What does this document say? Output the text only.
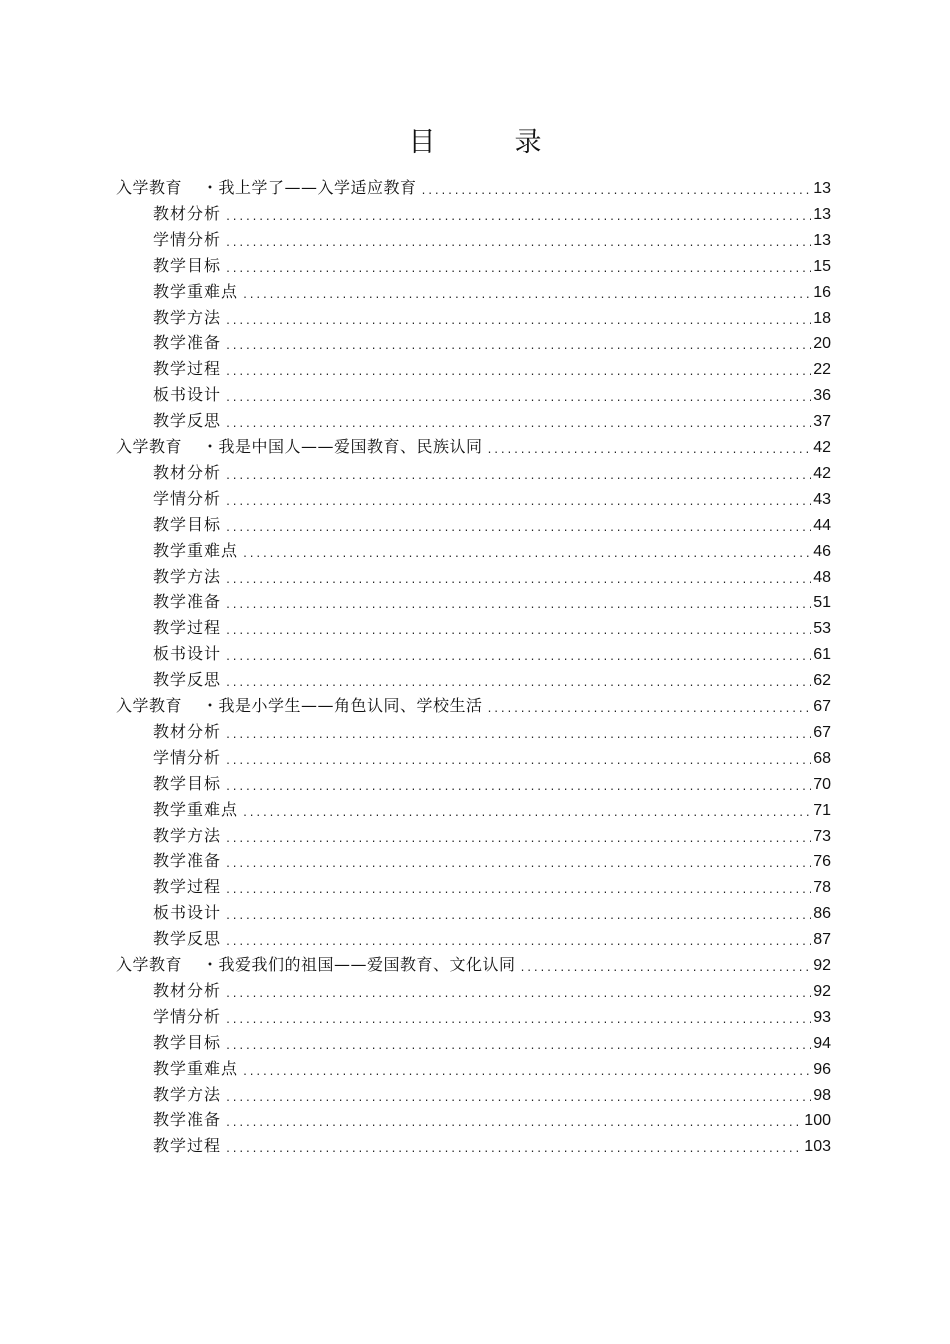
目　录
入学教育 ・我上学了——入学适应教育 .....	13
教材分析 .....	13
学情分析 .....	13
教学目标 .....	15
教学重难点 .....	16
教学方法 .....	18
教学准备 .....	20
教学过程 .....	22
板书设计 .....	36
教学反思 .....	37
入学教育 ・我是中国人——爱国教育、民族认同 .....	42
教材分析 .....	42
学情分析 .....	43
教学目标 .....	44
教学重难点 .....	46
教学方法 .....	48
教学准备 .....	51
教学过程 .....	53
板书设计 .....	61
教学反思 .....	62
入学教育 ・我是小学生——角色认同、学校生活 .....	67
教材分析 .....	67
学情分析 .....	68
教学目标 .....	70
教学重难点 .....	71
教学方法 .....	73
教学准备 .....	76
教学过程 .....	78
板书设计 .....	86
教学反思 .....	87
入学教育 ・我爱我们的祖国——爱国教育、文化认同 .....	92
教材分析 .....	92
学情分析 .....	93
教学目标 .....	94
教学重难点 .....	96
教学方法 .....	98
教学准备 .....	100
教学过程 .....	103
